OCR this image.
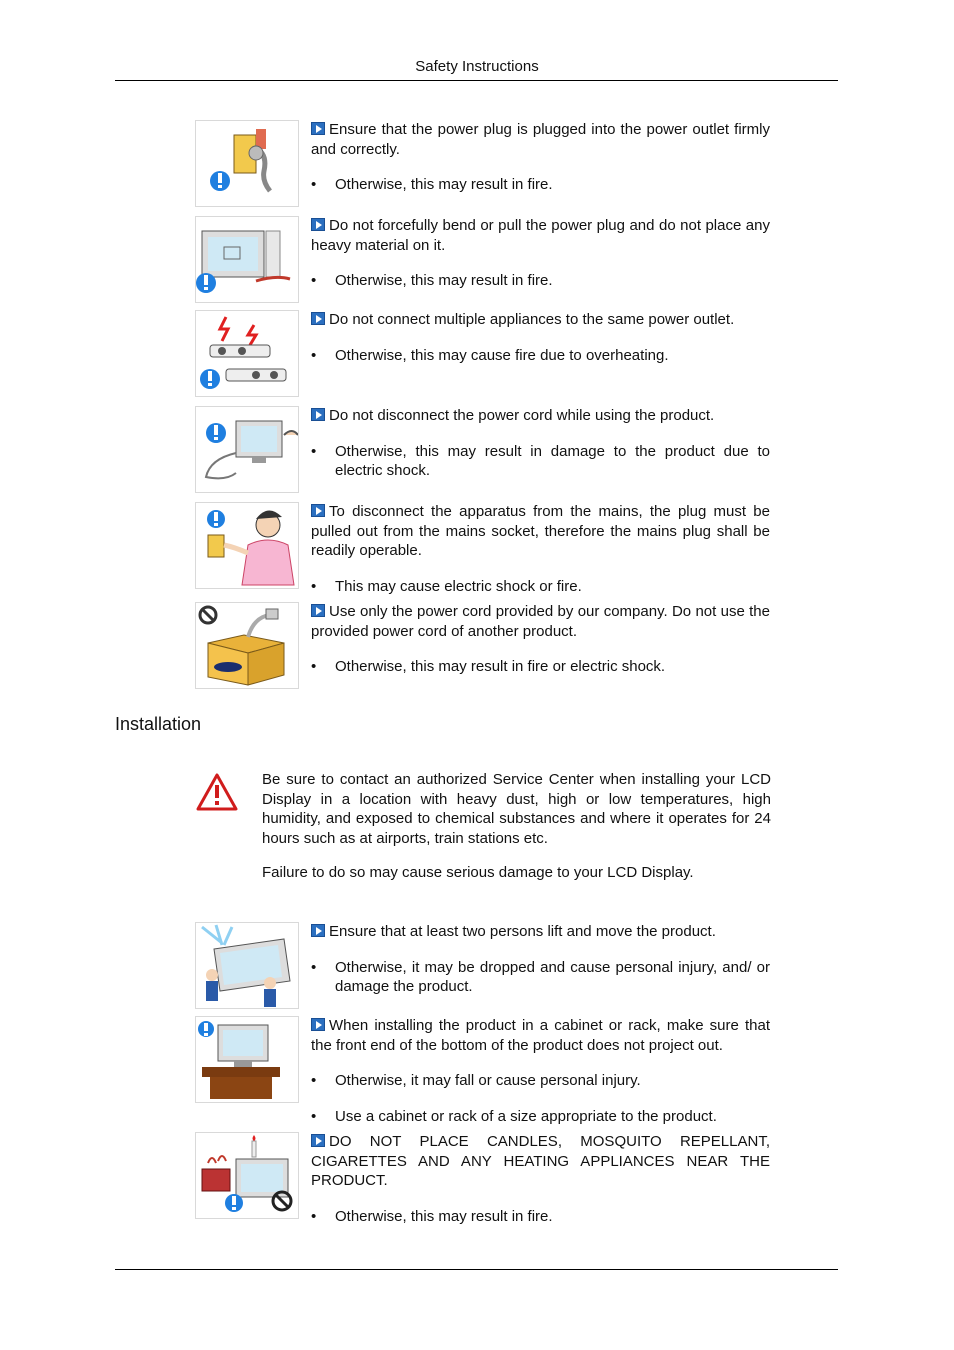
Safety Instructions

Ensure that the power plug is plugged into the power outlet firmly and correctly.

• Otherwise, this may result in fire.

Do not forcefully bend or pull the power plug and do not place any heavy material on it.

• Otherwise, this may result in fire.

Do not connect multiple appliances to the same power outlet.

• Otherwise, this may cause fire due to overheating.

Do not disconnect the power cord while using the product.

• Otherwise, this may result in damage to the product due to electric shock.

To disconnect the apparatus from the mains, the plug must be pulled out from the mains socket, therefore the mains plug shall be readily operable.

• This may cause electric shock or fire.

Use only the power cord provided by our company. Do not use the provided power cord of another product.

• Otherwise, this may result in fire or electric shock.

Installation

Be sure to contact an authorized Service Center when installing your LCD Display in a location with heavy dust, high or low temperatures, high humidity, and exposed to chemical substances and where it operates for 24 hours such as at airports, train stations etc.

Failure to do so may cause serious damage to your LCD Display.

Ensure that at least two persons lift and move the product.

• Otherwise, it may be dropped and cause personal injury, and/ or damage the product.

When installing the product in a cabinet or rack, make sure that the front end of the bottom of the product does not project out.

• Otherwise, it may fall or cause personal injury.

• Use a cabinet or rack of a size appropriate to the product.

DO NOT PLACE CANDLES, MOSQUITO REPELLANT, CIGARETTES AND ANY HEATING APPLIANCES NEAR THE PRODUCT.

• Otherwise, this may result in fire.
